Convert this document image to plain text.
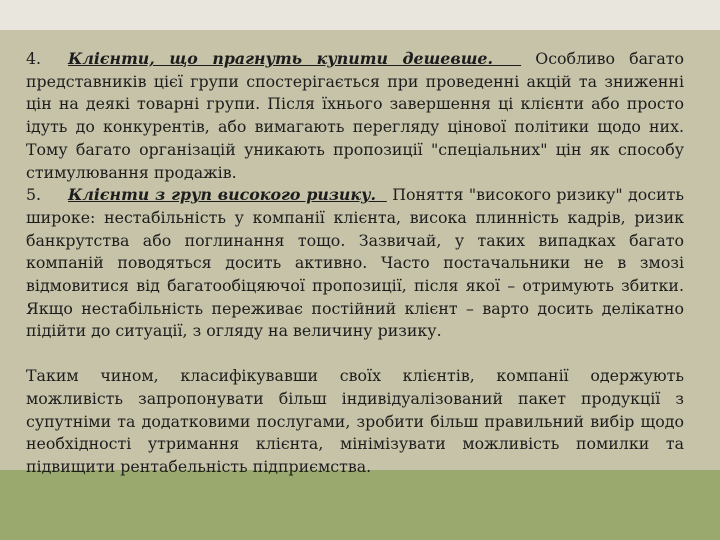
4. Клієнти, що прагнуть купити дешевше.	Особливо багато представників цієї групи спостерігається при проведенні акцій та зниженні цін на деякі товарні групи. Після їхнього завершення ці клієнти або просто ідуть до конкурентів, або вимагають перегляду цінової політики щодо них. Тому багато організацій уникають пропозиції "спеціальних" цін як способу стимулювання продажів.

5. Клієнти з груп високого ризику. Поняття "високого ризику" досить широке: нестабільність у компанії клієнта, висока плинність кадрів, ризик банкрутства або поглинання тощо. Зазвичай, у таких випадках багато компаній поводяться досить активно. Часто постачальники не в змозі відмовитися від багатообіцяючої пропозиції, після якої – отримують збитки. Якщо нестабільність переживає постійний клієнт – варто досить делікатно підійти до ситуації, з огляду на величину ризику.

Таким чином, класифікувавши своїх клієнтів, компанії одержують можливість запропонувати більш індивідуалізований пакет продукції з супутніми та додатковими послугами, зробити більш правильний вибір щодо необхідності утримання клієнта, мінімізувати можливість помилки та підвищити рентабельність підприємства.
